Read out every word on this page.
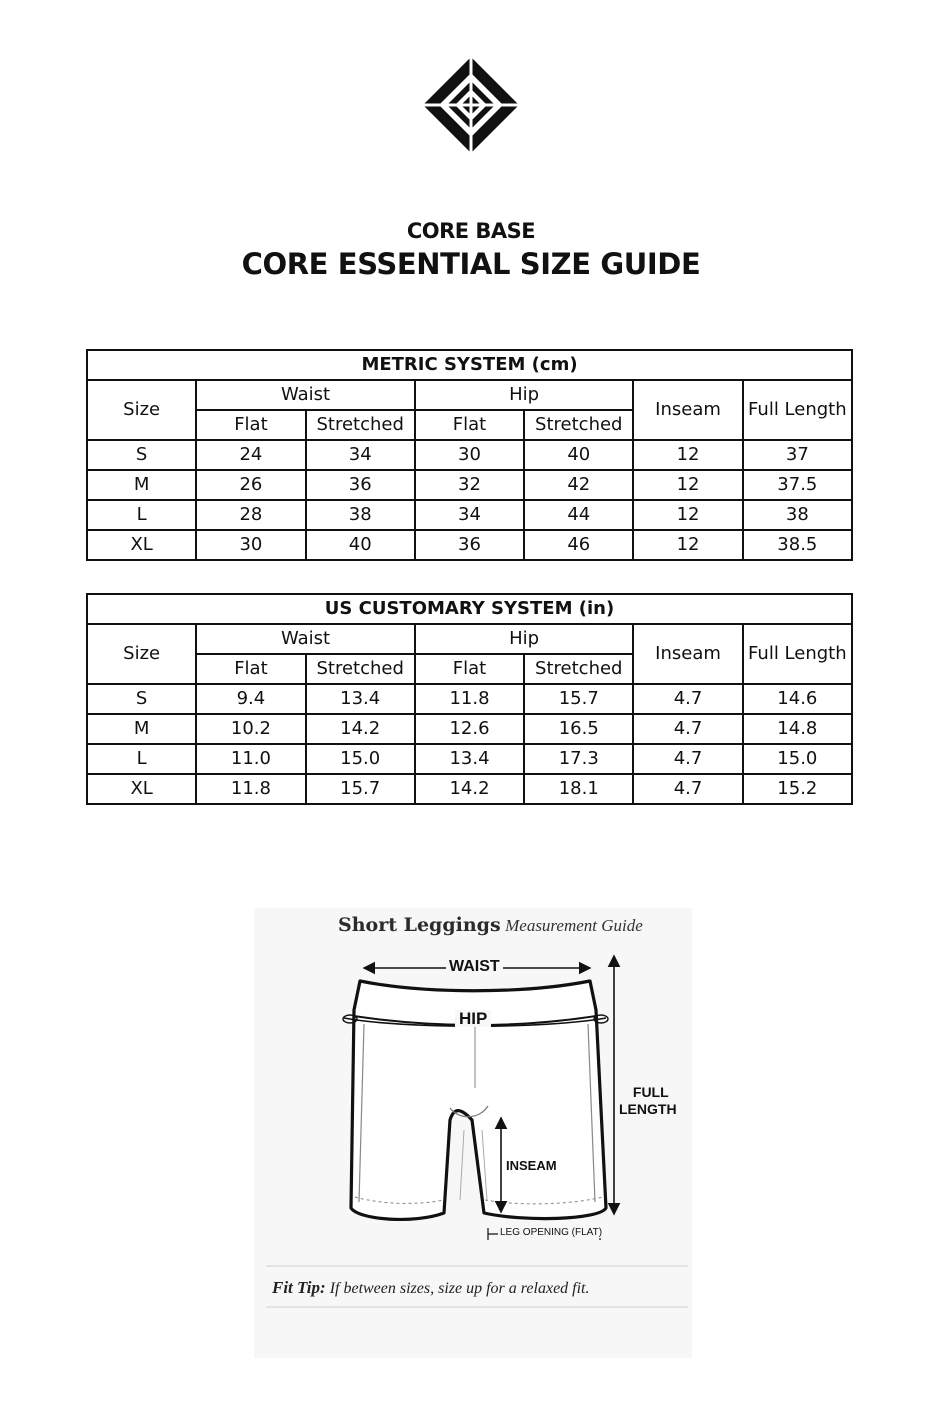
CORE BASE
CORE ESSENTIAL SIZE GUIDE
METRIC SYSTEM (cm)						
Size	Waist		Hip		Inseam	Full Length
	Flat	Stretched	Flat	Stretched		
S	24	34	30	40	12	37
M	26	36	32	42	12	37.5
L	28	38	34	44	12	38
XL	30	40	36	46	12	38.5
US CUSTOMARY SYSTEM (in)						
Size	Waist		Hip		Inseam	Full Length
	Flat	Stretched	Flat	Stretched		
S	9.4	13.4	11.8	15.7	4.7	14.6
M	10.2	14.2	12.6	16.5	4.7	14.8
L	11.0	15.0	13.4	17.3	4.7	15.0
XL	11.8	15.7	14.2	18.1	4.7	15.2
Short Leggings Measurement Guide
WAIST
HIP
FULL
LENGTH
INSEAM
LEG OPENING (FLAT)
Fit Tip: If between sizes, size up for a relaxed fit.
